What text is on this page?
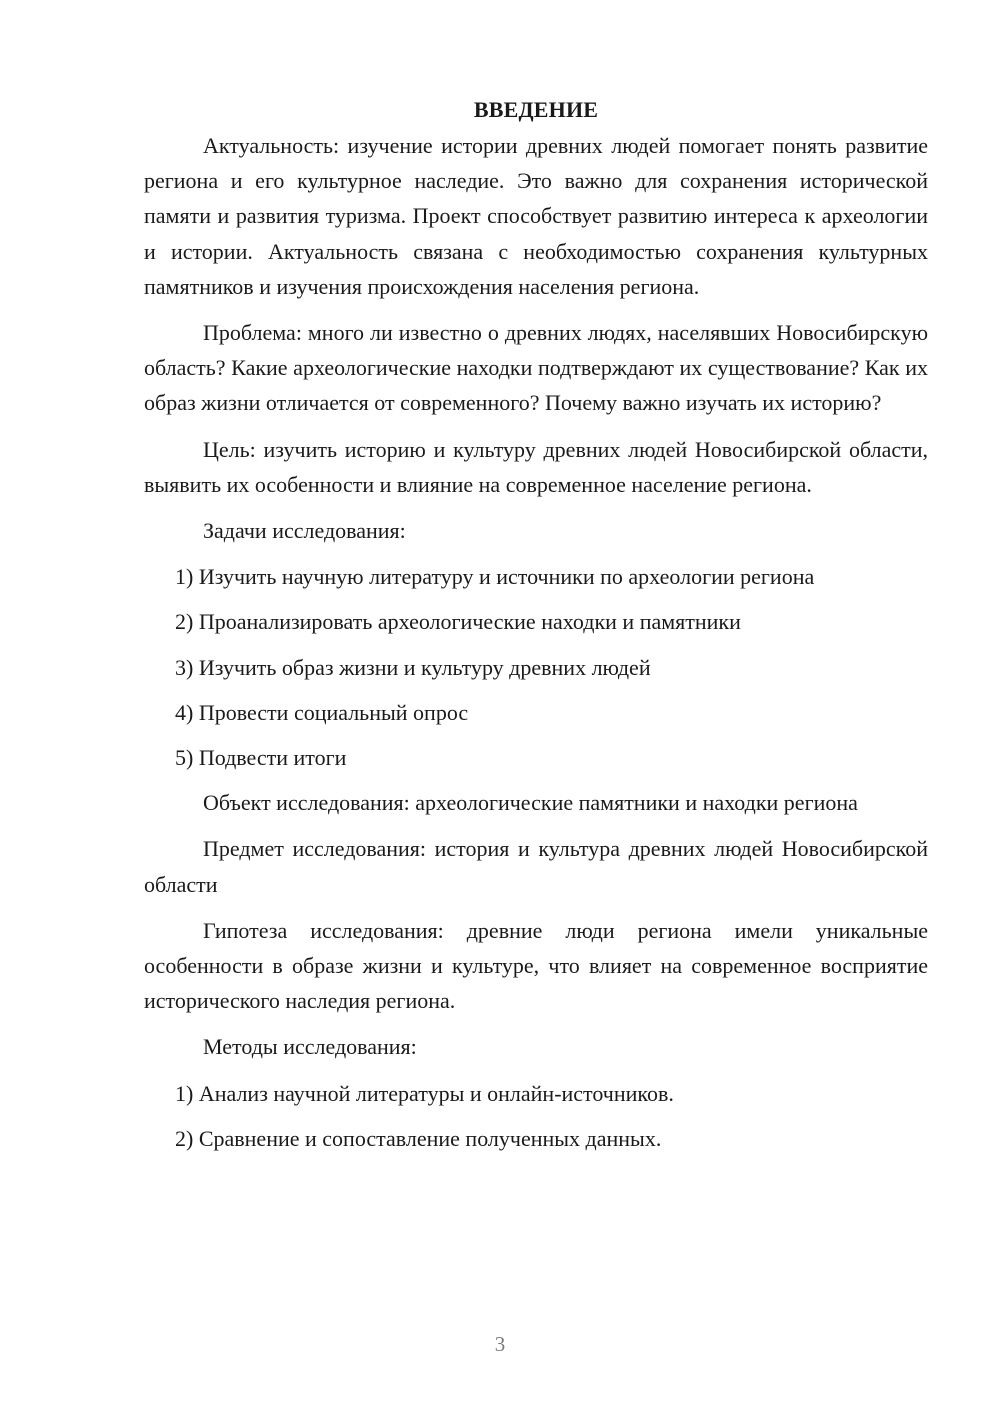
ВВЕДЕНИЕ

Актуальность: изучение истории древних людей помогает понять развитие региона и его культурное наследие. Это важно для сохранения исторической памяти и развития туризма. Проект способствует развитию интереса к археологии и истории. Актуальность связана с необходимостью сохранения культурных памятников и изучения происхождения населения региона.

Проблема: много ли известно о древних людях, населявших Новосибирскую область? Какие археологические находки подтверждают их существование? Как их образ жизни отличается от современного? Почему важно изучать их историю?

Цель: изучить историю и культуру древних людей Новосибирской области, выявить их особенности и влияние на современное население региона.

Задачи исследования:
1) Изучить научную литературу и источники по археологии региона
2) Проанализировать археологические находки и памятники
3) Изучить образ жизни и культуру древних людей
4) Провести социальный опрос
5) Подвести итоги

Объект исследования: археологические памятники и находки региона

Предмет исследования: история и культура древних людей Новосибирской области

Гипотеза исследования: древние люди региона имели уникальные особенности в образе жизни и культуре, что влияет на современное восприятие исторического наследия региона.

Методы исследования:
1) Анализ научной литературы и онлайн-источников.
2) Сравнение и сопоставление полученных данных.
3
